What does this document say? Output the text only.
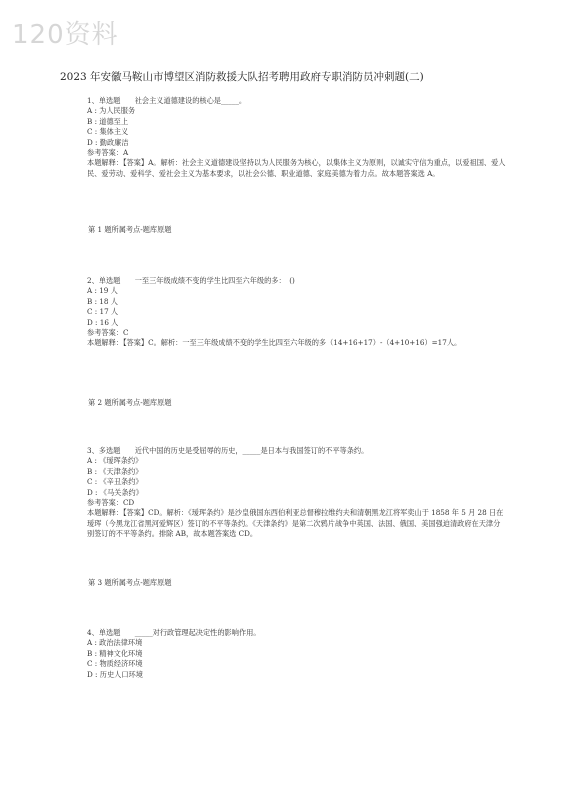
120资料
2023 年安徽马鞍山市博望区消防救援大队招考聘用政府专职消防员冲刺题(二)

1、单选题　　社会主义道德建设的核心是_____。

A : 为人民服务

B : 道德至上

C : 集体主义

D : 勤政廉洁

参考答案：A

本题解释：【答案】A。解析：社会主义道德建设坚持以为人民服务为核心，以集体主义为原则，以诚实守信为重点，以爱祖国、爱人民、爱劳动、爱科学、爱社会主义为基本要求，以社会公德、职业道德、家庭美德为着力点。故本题答案选 A。

第 1 题所属考点-题库原题

2、单选题　　一至三年级成绩不变的学生比四至六年级的多：　()

A : 19 人

B : 18 人

C : 17 人

D : 16 人

参考答案：C

本题解释：【答案】C。解析：一至三年级成绩不变的学生比四至六年级的多（14+16+17）-（4+10+16）=17人。

第 2 题所属考点-题库原题

3、多选题　　近代中国的历史是受屈辱的历史，_____是日本与我国签订的不平等条约。

A : 《瑷珲条约》

B : 《天津条约》

C : 《辛丑条约》

D : 《马关条约》

参考答案：CD

本题解释：【答案】CD。解析：《瑷珲条约》是沙皇俄国东西伯利亚总督穆拉维约夫和清朝黑龙江将军奕山于 1858 年 5 月 28 日在瑷珲（今黑龙江省黑河爱辉区）签订的不平等条约。《天津条约》是第二次鸦片战争中英国、法国、俄国、美国强迫清政府在天津分别签订的不平等条约。排除 AB，故本题答案选 CD。

第 3 题所属考点-题库原题

4、单选题　　_____对行政管理起决定性的影响作用。

A : 政治法律环境

B : 精神文化环境

C : 物质经济环境

D : 历史人口环境
